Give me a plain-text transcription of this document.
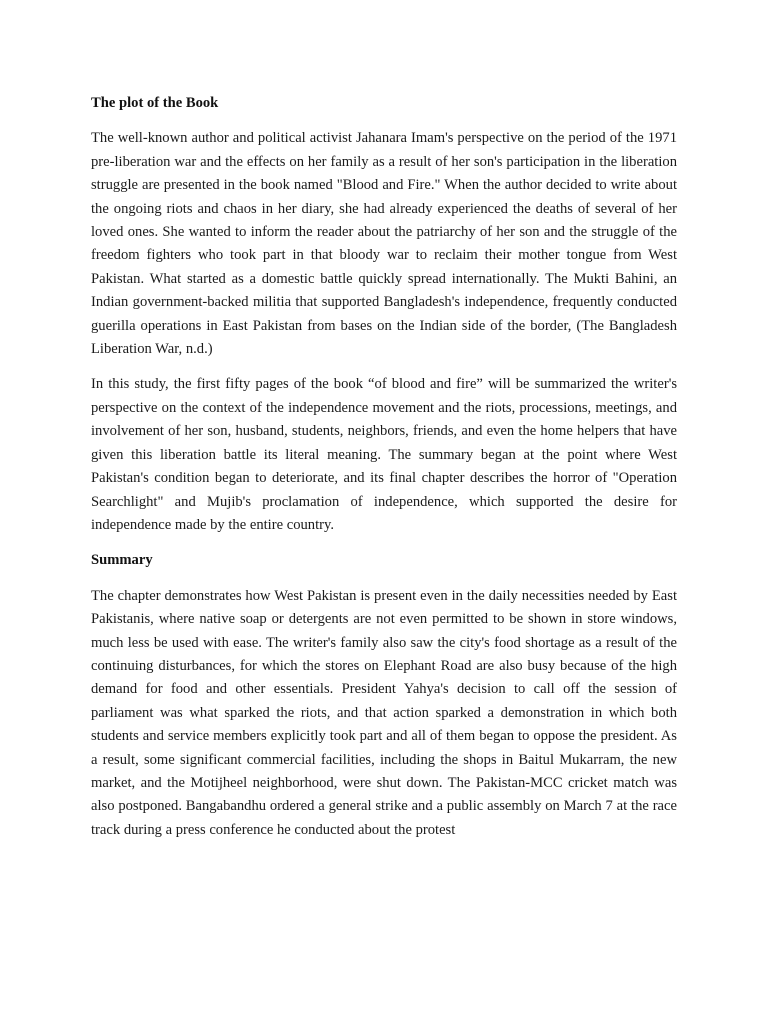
The plot of the Book

The well-known author and political activist Jahanara Imam's perspective on the period of the 1971 pre-liberation war and the effects on her family as a result of her son's participation in the liberation struggle are presented in the book named "Blood and Fire." When the author decided to write about the ongoing riots and chaos in her diary, she had already experienced the deaths of several of her loved ones. She wanted to inform the reader about the patriarchy of her son and the struggle of the freedom fighters who took part in that bloody war to reclaim their mother tongue from West Pakistan. What started as a domestic battle quickly spread internationally. The Mukti Bahini, an Indian government-backed militia that supported Bangladesh's independence, frequently conducted guerilla operations in East Pakistan from bases on the Indian side of the border, (The Bangladesh Liberation War, n.d.)

In this study, the first fifty pages of the book “of blood and fire” will be summarized the writer's perspective on the context of the independence movement and the riots, processions, meetings, and involvement of her son, husband, students, neighbors, friends, and even the home helpers that have given this liberation battle its literal meaning. The summary began at the point where West Pakistan's condition began to deteriorate, and its final chapter describes the horror of "Operation Searchlight" and Mujib's proclamation of independence, which supported the desire for independence made by the entire country.

Summary

The chapter demonstrates how West Pakistan is present even in the daily necessities needed by East Pakistanis, where native soap or detergents are not even permitted to be shown in store windows, much less be used with ease. The writer's family also saw the city's food shortage as a result of the continuing disturbances, for which the stores on Elephant Road are also busy because of the high demand for food and other essentials. President Yahya's decision to call off the session of parliament was what sparked the riots, and that action sparked a demonstration in which both students and service members explicitly took part and all of them began to oppose the president. As a result, some significant commercial facilities, including the shops in Baitul Mukarram, the new market, and the Motijheel neighborhood, were shut down. The Pakistan-MCC cricket match was also postponed. Bangabandhu ordered a general strike and a public assembly on March 7 at the race track during a press conference he conducted about the protest
